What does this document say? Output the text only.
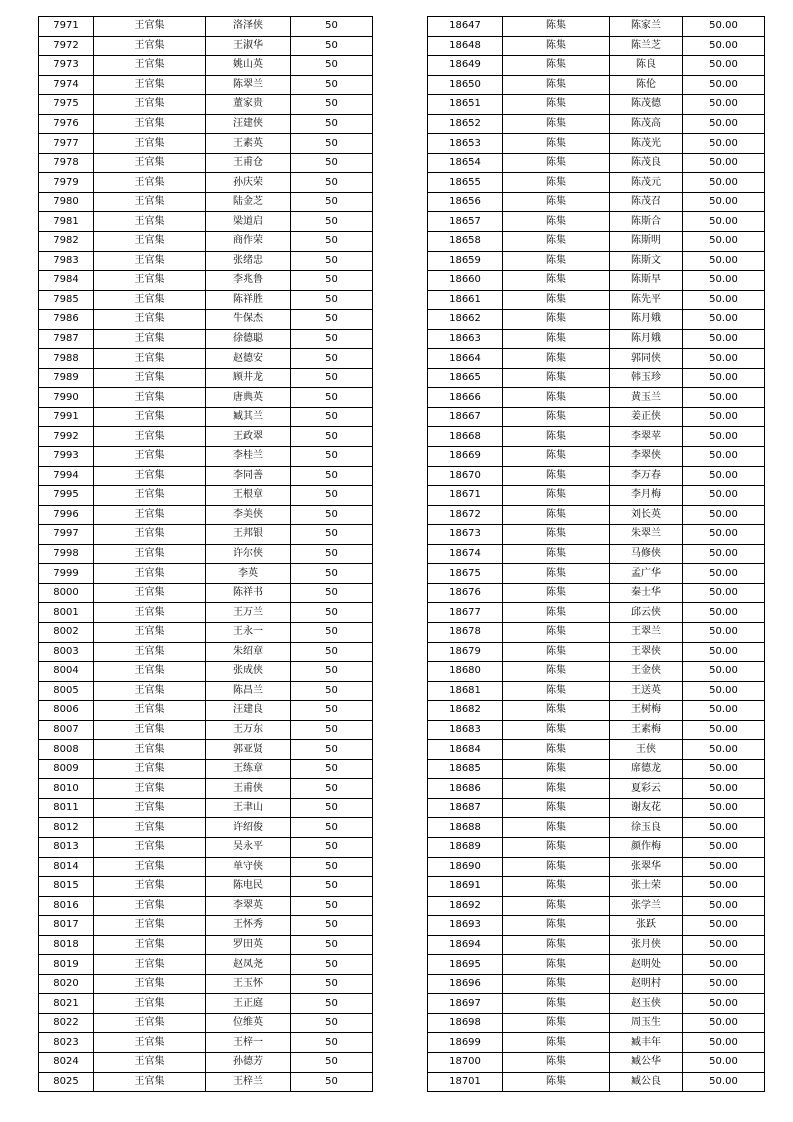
7971	王官集	洛泽侠	50
7972	王官集	王淑华	50
7973	王官集	姚山英	50
7974	王官集	陈翠兰	50
7975	王官集	董家贵	50
7976	王官集	汪建侠	50
7977	王官集	王素英	50
7978	王官集	王甫仓	50
7979	王官集	孙庆荣	50
7980	王官集	陆金芝	50
7981	王官集	梁道启	50
7982	王官集	商作荣	50
7983	王官集	张绪忠	50
7984	王官集	李兆鲁	50
7985	王官集	陈祥胜	50
7986	王官集	牛保杰	50
7987	王官集	徐德聪	50
7988	王官集	赵德安	50
7989	王官集	顾井龙	50
7990	王官集	唐典英	50
7991	王官集	臧其兰	50
7992	王官集	王政翠	50
7993	王官集	李桂兰	50
7994	王官集	李同善	50
7995	王官集	王根章	50
7996	王官集	李美侠	50
7997	王官集	王邦银	50
7998	王官集	许尔侠	50
7999	王官集	李英	50
8000	王官集	陈祥书	50
8001	王官集	王万兰	50
8002	王官集	王永一	50
8003	王官集	朱绍章	50
8004	王官集	张成侠	50
8005	王官集	陈昌兰	50
8006	王官集	汪建良	50
8007	王官集	王万东	50
8008	王官集	郭亚贤	50
8009	王官集	王练章	50
8010	王官集	王甫侠	50
8011	王官集	王聿山	50
8012	王官集	许绍俊	50
8013	王官集	吴永平	50
8014	王官集	单守侠	50
8015	王官集	陈电民	50
8016	王官集	李翠英	50
8017	王官集	王怀秀	50
8018	王官集	罗田英	50
8019	王官集	赵凤尧	50
8020	王官集	王玉怀	50
8021	王官集	王正庭	50
8022	王官集	位维英	50
8023	王官集	王梓一	50
8024	王官集	孙德芳	50
8025	王官集	王梓兰	50
18647	陈集	陈家兰	50.00
18648	陈集	陈兰芝	50.00
18649	陈集	陈良	50.00
18650	陈集	陈伦	50.00
18651	陈集	陈茂德	50.00
18652	陈集	陈茂高	50.00
18653	陈集	陈茂光	50.00
18654	陈集	陈茂良	50.00
18655	陈集	陈茂元	50.00
18656	陈集	陈茂召	50.00
18657	陈集	陈斯合	50.00
18658	陈集	陈斯明	50.00
18659	陈集	陈斯文	50.00
18660	陈集	陈斯早	50.00
18661	陈集	陈先平	50.00
18662	陈集	陈月娥	50.00
18663	陈集	陈月娥	50.00
18664	陈集	郭同侠	50.00
18665	陈集	韩玉珍	50.00
18666	陈集	黄玉兰	50.00
18667	陈集	姜正侠	50.00
18668	陈集	李翠苹	50.00
18669	陈集	李翠侠	50.00
18670	陈集	李万春	50.00
18671	陈集	李月梅	50.00
18672	陈集	刘长英	50.00
18673	陈集	朱翠兰	50.00
18674	陈集	马修侠	50.00
18675	陈集	孟广华	50.00
18676	陈集	秦士华	50.00
18677	陈集	邱云侠	50.00
18678	陈集	王翠兰	50.00
18679	陈集	王翠侠	50.00
18680	陈集	王金侠	50.00
18681	陈集	王送英	50.00
18682	陈集	王树梅	50.00
18683	陈集	王素梅	50.00
18684	陈集	王侠	50.00
18685	陈集	席德龙	50.00
18686	陈集	夏彩云	50.00
18687	陈集	谢友花	50.00
18688	陈集	徐玉良	50.00
18689	陈集	颜作梅	50.00
18690	陈集	张翠华	50.00
18691	陈集	张士荣	50.00
18692	陈集	张学兰	50.00
18693	陈集	张跃	50.00
18694	陈集	张月侠	50.00
18695	陈集	赵明处	50.00
18696	陈集	赵明村	50.00
18697	陈集	赵玉侠	50.00
18698	陈集	周玉生	50.00
18699	陈集	臧丰年	50.00
18700	陈集	臧公华	50.00
18701	陈集	臧公良	50.00
